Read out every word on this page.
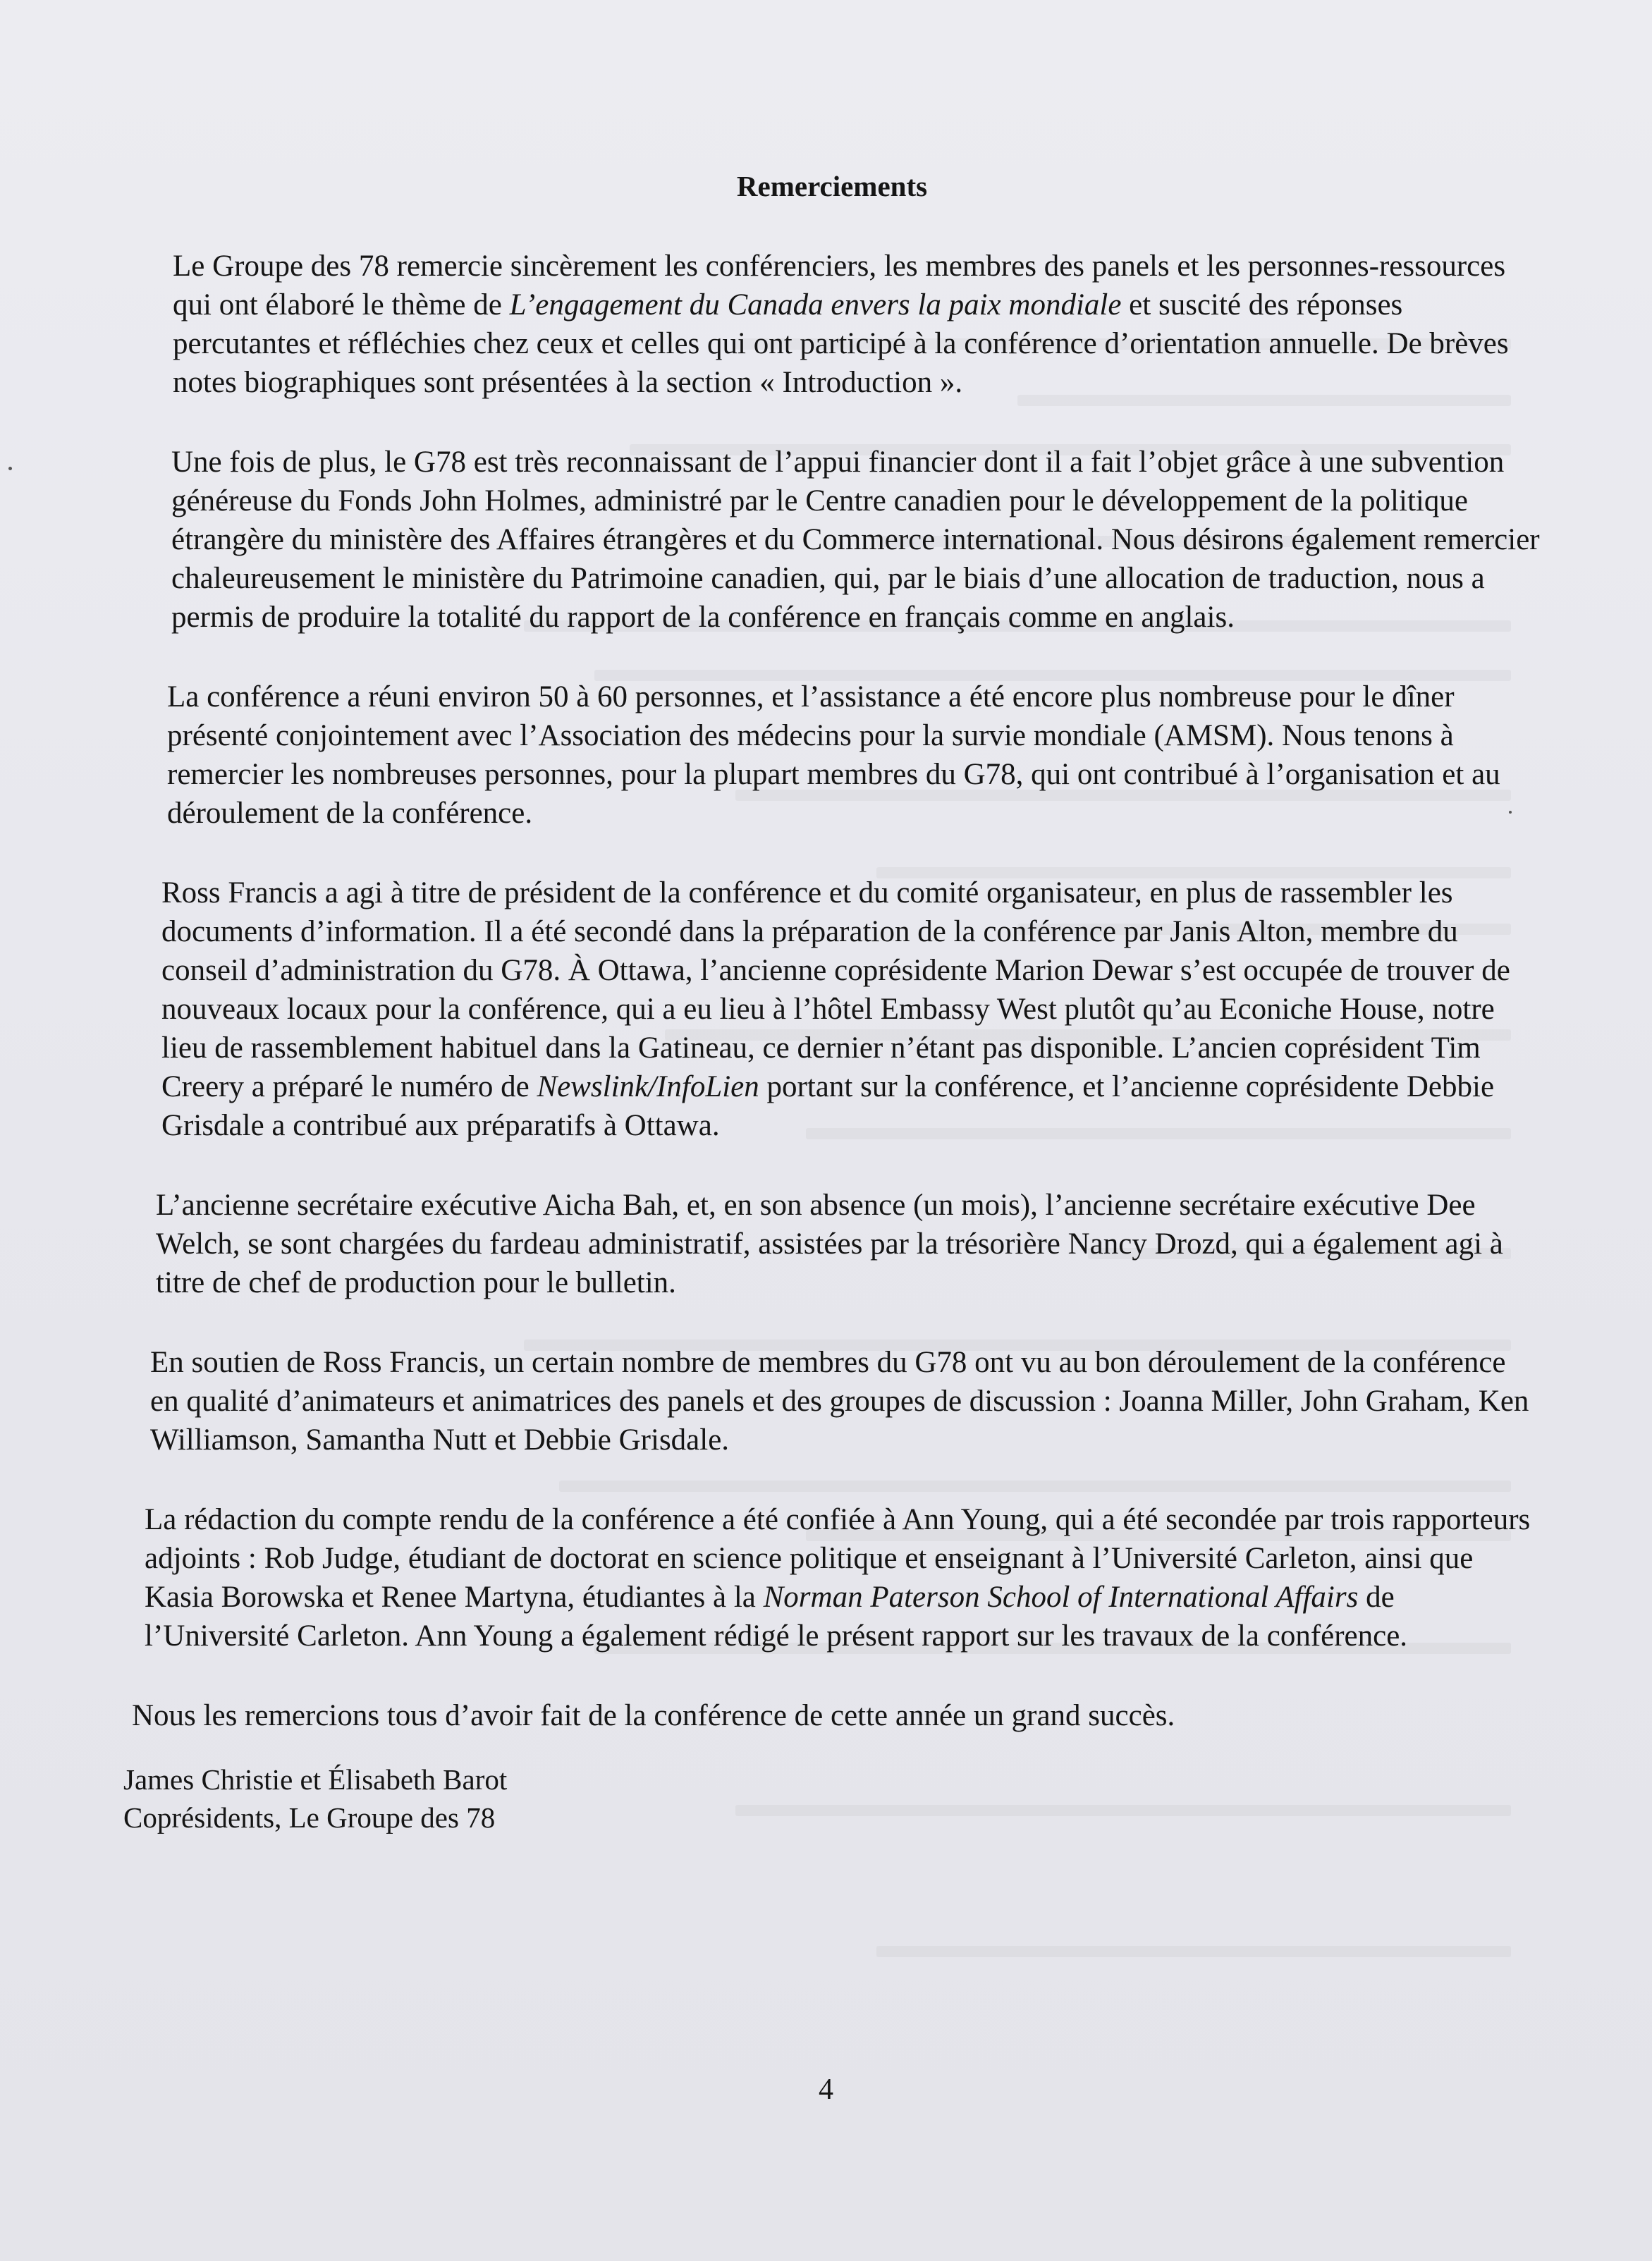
Remerciements

Le Groupe des 78 remercie sincèrement les conférenciers, les membres des panels et les personnes-ressources qui ont élaboré le thème de L’engagement du Canada envers la paix mondiale et suscité des réponses percutantes et réfléchies chez ceux et celles qui ont participé à la conférence d’orientation annuelle. De brèves notes biographiques sont présentées à la section « Introduction ».

Une fois de plus, le G78 est très reconnaissant de l’appui financier dont il a fait l’objet grâce à une subvention généreuse du Fonds John Holmes, administré par le Centre canadien pour le développement de la politique étrangère du ministère des Affaires étrangères et du Commerce international. Nous désirons également remercier chaleureusement le ministère du Patrimoine canadien, qui, par le biais d’une allocation de traduction, nous a permis de produire la totalité du rapport de la conférence en français comme en anglais.

La conférence a réuni environ 50 à 60 personnes, et l’assistance a été encore plus nombreuse pour le dîner présenté conjointement avec l’Association des médecins pour la survie mondiale (AMSM). Nous tenons à remercier les nombreuses personnes, pour la plupart membres du G78, qui ont contribué à l’organisation et au déroulement de la conférence.

Ross Francis a agi à titre de président de la conférence et du comité organisateur, en plus de rassembler les documents d’information. Il a été secondé dans la préparation de la conférence par Janis Alton, membre du conseil d’administration du G78. À Ottawa, l’ancienne coprésidente Marion Dewar s’est occupée de trouver de nouveaux locaux pour la conférence, qui a eu lieu à l’hôtel Embassy West plutôt qu’au Econiche House, notre lieu de rassemblement habituel dans la Gatineau, ce dernier n’étant pas disponible. L’ancien coprésident Tim Creery a préparé le numéro de Newslink/InfoLien portant sur la conférence, et l’ancienne coprésidente Debbie Grisdale a contribué aux préparatifs à Ottawa.

L’ancienne secrétaire exécutive Aicha Bah, et, en son absence (un mois), l’ancienne secrétaire exécutive Dee Welch, se sont chargées du fardeau administratif, assistées par la trésorière Nancy Drozd, qui a également agi à titre de chef de production pour le bulletin.

En soutien de Ross Francis, un certain nombre de membres du G78 ont vu au bon déroulement de la conférence en qualité d’animateurs et animatrices des panels et des groupes de discussion : Joanna Miller, John Graham, Ken Williamson, Samantha Nutt et Debbie Grisdale.

La rédaction du compte rendu de la conférence a été confiée à Ann Young, qui a été secondée par trois rapporteurs adjoints : Rob Judge, étudiant de doctorat en science politique et enseignant à l’Université Carleton, ainsi que Kasia Borowska et Renee Martyna, étudiantes à la Norman Paterson School of International Affairs de l’Université Carleton. Ann Young a également rédigé le présent rapport sur les travaux de la conférence.

Nous les remercions tous d’avoir fait de la conférence de cette année un grand succès.

James Christie et Élisabeth Barot
Coprésidents, Le Groupe des 78
4
